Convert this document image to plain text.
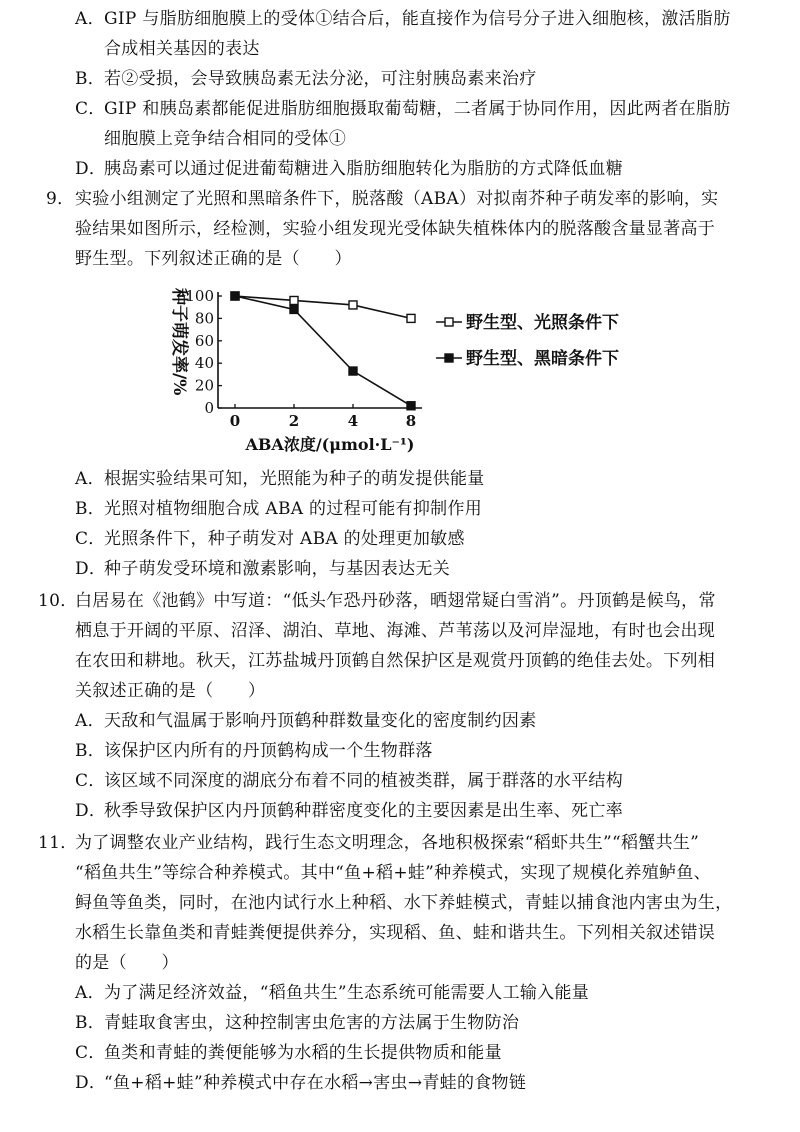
A． GIP 与脂肪细胞膜上的受体①结合后，能直接作为信号分子进入细胞核，激活脂肪
合成相关基因的表达
B．
若②受损，会导致胰岛素无法分泌，可注射胰岛素来治疗
C．
GIP 和胰岛素都能促进脂肪细胞摄取葡萄糖，二者属于协同作用，因此两者在脂肪
细胞膜上竞争结合相同的受体①
D．
胰岛素可以通过促进葡萄糖进入脂肪细胞转化为脂肪的方式降低血糖
9． 实验小组测定了光照和黑暗条件下，脱落酸（ABA）对拟南芥种子萌发率的影响，实
验结果如图所示，经检测，实验小组发现光受体缺失植株体内的脱落酸含量显著高于
野生型。下列叙述正确的是（　　）
0
20
40
60
80
100
0	2	4	8
种子萌发率/%
ABA浓度/(μmol·L⁻¹)
野生型、光照条件下
野生型、黑暗条件下
A． 根据实验结果可知，光照能为种子的萌发提供能量
B．
光照对植物细胞合成 ABA 的过程可能有抑制作用
C．
光照条件下，种子萌发对 ABA 的处理更加敏感
D．
种子萌发受环境和激素影响，与基因表达无关
10．
白居易在《池鹤》中写道：“低头乍恐丹砂落，晒翅常疑白雪消”。丹顶鹤是候鸟，常
栖息于开阔的平原、沼泽、湖泊、草地、海滩、芦苇荡以及河岸湿地，有时也会出现
在农田和耕地。秋天，江苏盐城丹顶鹤自然保护区是观赏丹顶鹤的绝佳去处。下列相
关叙述正确的是（　　）
A． 天敌和气温属于影响丹顶鹤种群数量变化的密度制约因素
B．
该保护区内所有的丹顶鹤构成一个生物群落
C．
该区域不同深度的湖底分布着不同的植被类群，属于群落的水平结构
D．
秋季导致保护区内丹顶鹤种群密度变化的主要因素是出生率、死亡率
11．
为了调整农业产业结构，践行生态文明理念，各地积极探索“稻虾共生”“稻蟹共生”
“稻鱼共生”等综合种养模式。其中“鱼+稻+蛙”种养模式，实现了规模化养殖鲈鱼、
鲟鱼等鱼类，同时，在池内试行水上种稻、水下养蛙模式，青蛙以捕食池内害虫为生，
水稻生长靠鱼类和青蛙粪便提供养分，实现稻、鱼、蛙和谐共生。下列相关叙述错误
的是（　　）
A． 为了满足经济效益，“稻鱼共生”生态系统可能需要人工输入能量
B．
青蛙取食害虫，这种控制害虫危害的方法属于生物防治
C．
鱼类和青蛙的粪便能够为水稻的生长提供物质和能量
D．
“鱼+稻+蛙”种养模式中存在水稻→害虫→青蛙的食物链
